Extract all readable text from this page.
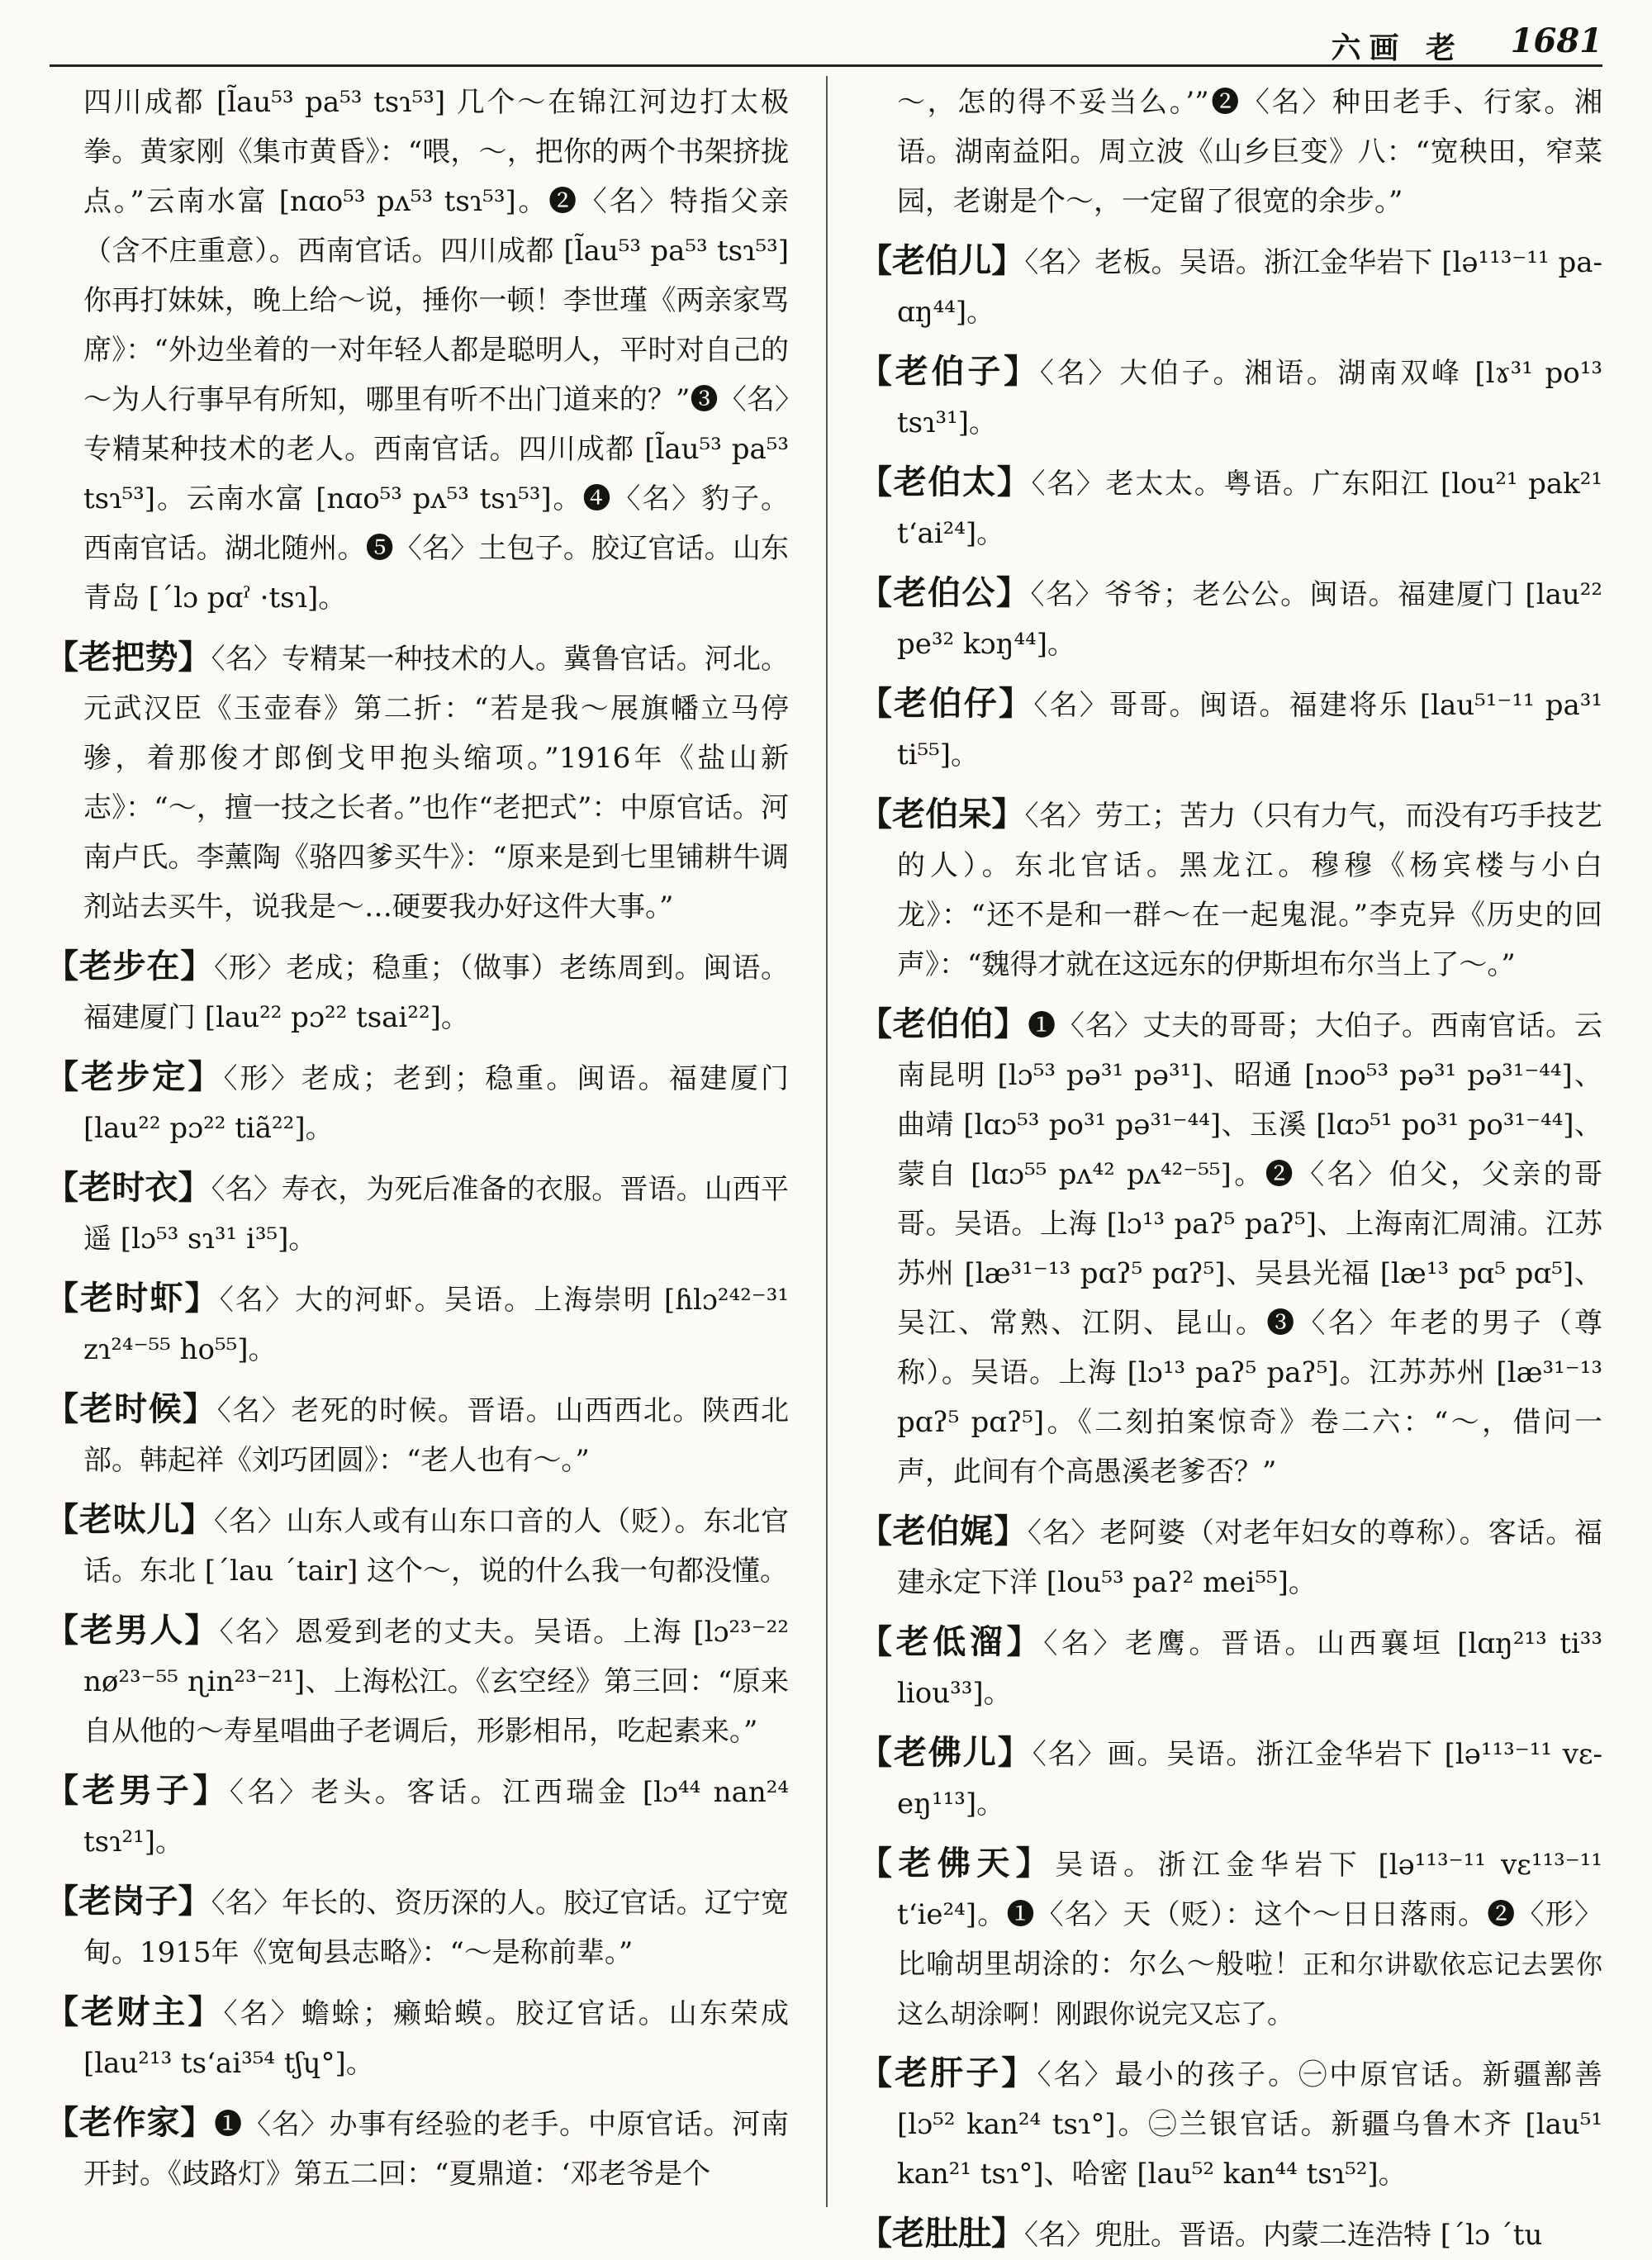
六画 老 1681

四川成都 [l̃au⁵³ pa⁵³ tsɿ⁵³] 几个～在锦江河边打太极拳。黄家刚《集市黄昏》：“喂，～，把你的两个书架挤拢点。”云南水富 [nɑo⁵³ pʌ⁵³ tsɿ⁵³]。❷〈名〉特指父亲（含不庄重意）。西南官话。四川成都 [l̃au⁵³ pa⁵³ tsɿ⁵³] 你再打妹妹，晚上给～说，捶你一顿！李世瑾《两亲家骂席》：“外边坐着的一对年轻人都是聪明人，平时对自己的～为人行事早有所知，哪里有听不出门道来的？”❸〈名〉专精某种技术的老人。西南官话。四川成都 [l̃au⁵³ pa⁵³ tsɿ⁵³]。云南水富 [nɑo⁵³ pʌ⁵³ tsɿ⁵³]。❹〈名〉豹子。西南官话。湖北随州。❺〈名〉土包子。胶辽官话。山东青岛 [ˊlɔ pɑˀ ·tsɿ]。

【老把势】〈名〉专精某一种技术的人。冀鲁官话。河北。元武汉臣《玉壶春》第二折：“若是我～展旗幡立马停骖，着那俊才郎倒戈甲抱头缩项。”1916年《盐山新志》：“～，擅一技之长者。”也作“老把式”：中原官话。河南卢氏。李薰陶《骆四爹买牛》：“原来是到七里铺耕牛调剂站去买牛，说我是～…硬要我办好这件大事。”

【老步在】〈形〉老成；稳重；（做事）老练周到。闽语。福建厦门 [lau²² pɔ²² tsai²²]。

【老步定】〈形〉老成；老到；稳重。闽语。福建厦门 [lau²² pɔ²² tiã²²]。

【老时衣】〈名〉寿衣，为死后准备的衣服。晋语。山西平遥 [lɔ⁵³ sɿ³¹ i³⁵]。

【老时虾】〈名〉大的河虾。吴语。上海崇明 [ɦlɔ²⁴²⁻³¹ zɿ²⁴⁻⁵⁵ ho⁵⁵]。

【老时候】〈名〉老死的时候。晋语。山西西北。陕西北部。韩起祥《刘巧团圆》：“老人也有～。”

【老呔儿】〈名〉山东人或有山东口音的人（贬）。东北官话。东北 [ˊlau ˊtair] 这个～，说的什么我一句都没懂。

【老男人】〈名〉恩爱到老的丈夫。吴语。上海 [lɔ²³⁻²² nø²³⁻⁵⁵ ɳin²³⁻²¹]、上海松江。《玄空经》第三回：“原来自从他的～寿星唱曲子老调后，形影相吊，吃起素来。”

【老男子】〈名〉老头。客话。江西瑞金 [lɔ⁴⁴ nan²⁴ tsɿ²¹]。

【老岗子】〈名〉年长的、资历深的人。胶辽官话。辽宁宽甸。1915年《宽甸县志略》：“～是称前辈。”

【老财主】〈名〉蟾蜍；癞蛤蟆。胶辽官话。山东荣成 [lau²¹³ tsʻai³⁵⁴ tʃɥ°]。

【老作家】❶〈名〉办事有经验的老手。中原官话。河南开封。《歧路灯》第五二回：“夏鼎道：‘邓老爷是个

～，怎的得不妥当么。’”❷〈名〉种田老手、行家。湘语。湖南益阳。周立波《山乡巨变》八：“宽秧田，窄菜园，老谢是个～，一定留了很宽的余步。”

【老伯儿】〈名〉老板。吴语。浙江金华岩下 [lə¹¹³⁻¹¹ pa-ɑŋ⁴⁴]。

【老伯子】〈名〉大伯子。湘语。湖南双峰 [lɤ³¹ po¹³ tsɿ³¹]。

【老伯太】〈名〉老太太。粤语。广东阳江 [lou²¹ pak²¹ tʻai²⁴]。

【老伯公】〈名〉爷爷；老公公。闽语。福建厦门 [lau²² pe³² kɔŋ⁴⁴]。

【老伯仔】〈名〉哥哥。闽语。福建将乐 [lau⁵¹⁻¹¹ pa³¹ ti⁵⁵]。

【老伯呆】〈名〉劳工；苦力（只有力气，而没有巧手技艺的人）。东北官话。黑龙江。穆穆《杨宾楼与小白龙》：“还不是和一群～在一起鬼混。”李克异《历史的回声》：“魏得才就在这远东的伊斯坦布尔当上了～。”

【老伯伯】❶〈名〉丈夫的哥哥；大伯子。西南官话。云南昆明 [lɔ⁵³ pə³¹ pə³¹]、昭通 [nɔo⁵³ pə³¹ pə³¹⁻⁴⁴]、曲靖 [lɑɔ⁵³ po³¹ pə³¹⁻⁴⁴]、玉溪 [lɑɔ⁵¹ po³¹ po³¹⁻⁴⁴]、蒙自 [lɑɔ⁵⁵ pʌ⁴² pʌ⁴²⁻⁵⁵]。❷〈名〉伯父，父亲的哥哥。吴语。上海 [lɔ¹³ paʔ⁵ paʔ⁵]、上海南汇周浦。江苏苏州 [læ³¹⁻¹³ pɑʔ⁵ pɑʔ⁵]、吴县光福 [læ¹³ pɑ⁵ pɑ⁵]、吴江、常熟、江阴、昆山。❸〈名〉年老的男子（尊称）。吴语。上海 [lɔ¹³ paʔ⁵ paʔ⁵]。江苏苏州 [læ³¹⁻¹³ pɑʔ⁵ pɑʔ⁵]。《二刻拍案惊奇》卷二六：“～，借问一声，此间有个高愚溪老爹否？”

【老伯娓】〈名〉老阿婆（对老年妇女的尊称）。客话。福建永定下洋 [lou⁵³ paʔ² mei⁵⁵]。

【老低溜】〈名〉老鹰。晋语。山西襄垣 [lɑŋ²¹³ ti³³ liou³³]。

【老佛儿】〈名〉画。吴语。浙江金华岩下 [lə¹¹³⁻¹¹ vɛ-eŋ¹¹³]。

【老佛天】吴语。浙江金华岩下 [lə¹¹³⁻¹¹ vɛ¹¹³⁻¹¹ tʻie²⁴]。❶〈名〉天（贬）：这个～日日落雨。❷〈形〉比喻胡里胡涂的：尔么～般啦！正和尔讲歇依忘记去罢你这么胡涂啊！刚跟你说完又忘了。

【老肝子】〈名〉最小的孩子。㊀中原官话。新疆鄯善 [lɔ⁵² kan²⁴ tsɿ°]。㊁兰银官话。新疆乌鲁木齐 [lau⁵¹ kan²¹ tsɿ°]、哈密 [lau⁵² kan⁴⁴ tsɿ⁵²]。

【老肚肚】〈名〉兜肚。晋语。内蒙二连浩特 [ˊlɔ ˊtu
